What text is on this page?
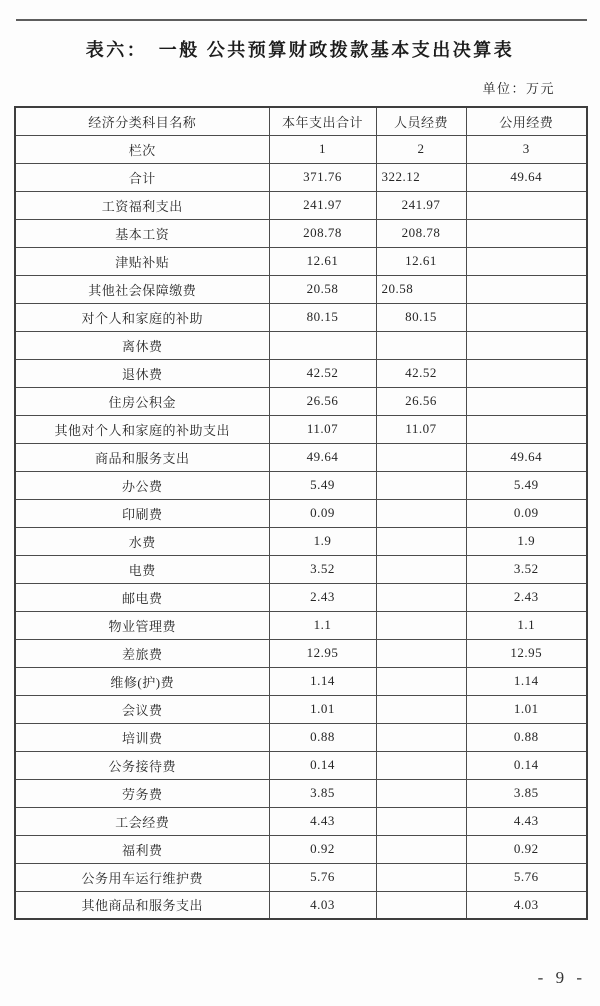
表六：　一般 公共预算财政拨款基本支出决算表
单位：万元
经济分类科目名称	本年支出合计	人员经费	公用经费
栏次	1	2	3
合计	371.76	322.12	49.64
工资福利支出	241.97	241.97	
基本工资	208.78	208.78	
津贴补贴	12.61	12.61	
其他社会保障缴费	20.58	20.58	
对个人和家庭的补助	80.15	80.15	
离休费			
退休费	42.52	42.52	
住房公积金	26.56	26.56	
其他对个人和家庭的补助支出	11.07	11.07	
商品和服务支出	49.64		49.64
办公费	5.49		5.49
印刷费	0.09		0.09
水费	1.9		1.9
电费	3.52		3.52
邮电费	2.43		2.43
物业管理费	1.1		1.1
差旅费	12.95		12.95
维修(护)费	1.14		1.14
会议费	1.01		1.01
培训费	0.88		0.88
公务接待费	0.14		0.14
劳务费	3.85		3.85
工会经费	4.43		4.43
福利费	0.92		0.92
公务用车运行维护费	5.76		5.76
其他商品和服务支出	4.03		4.03
- 9 -
